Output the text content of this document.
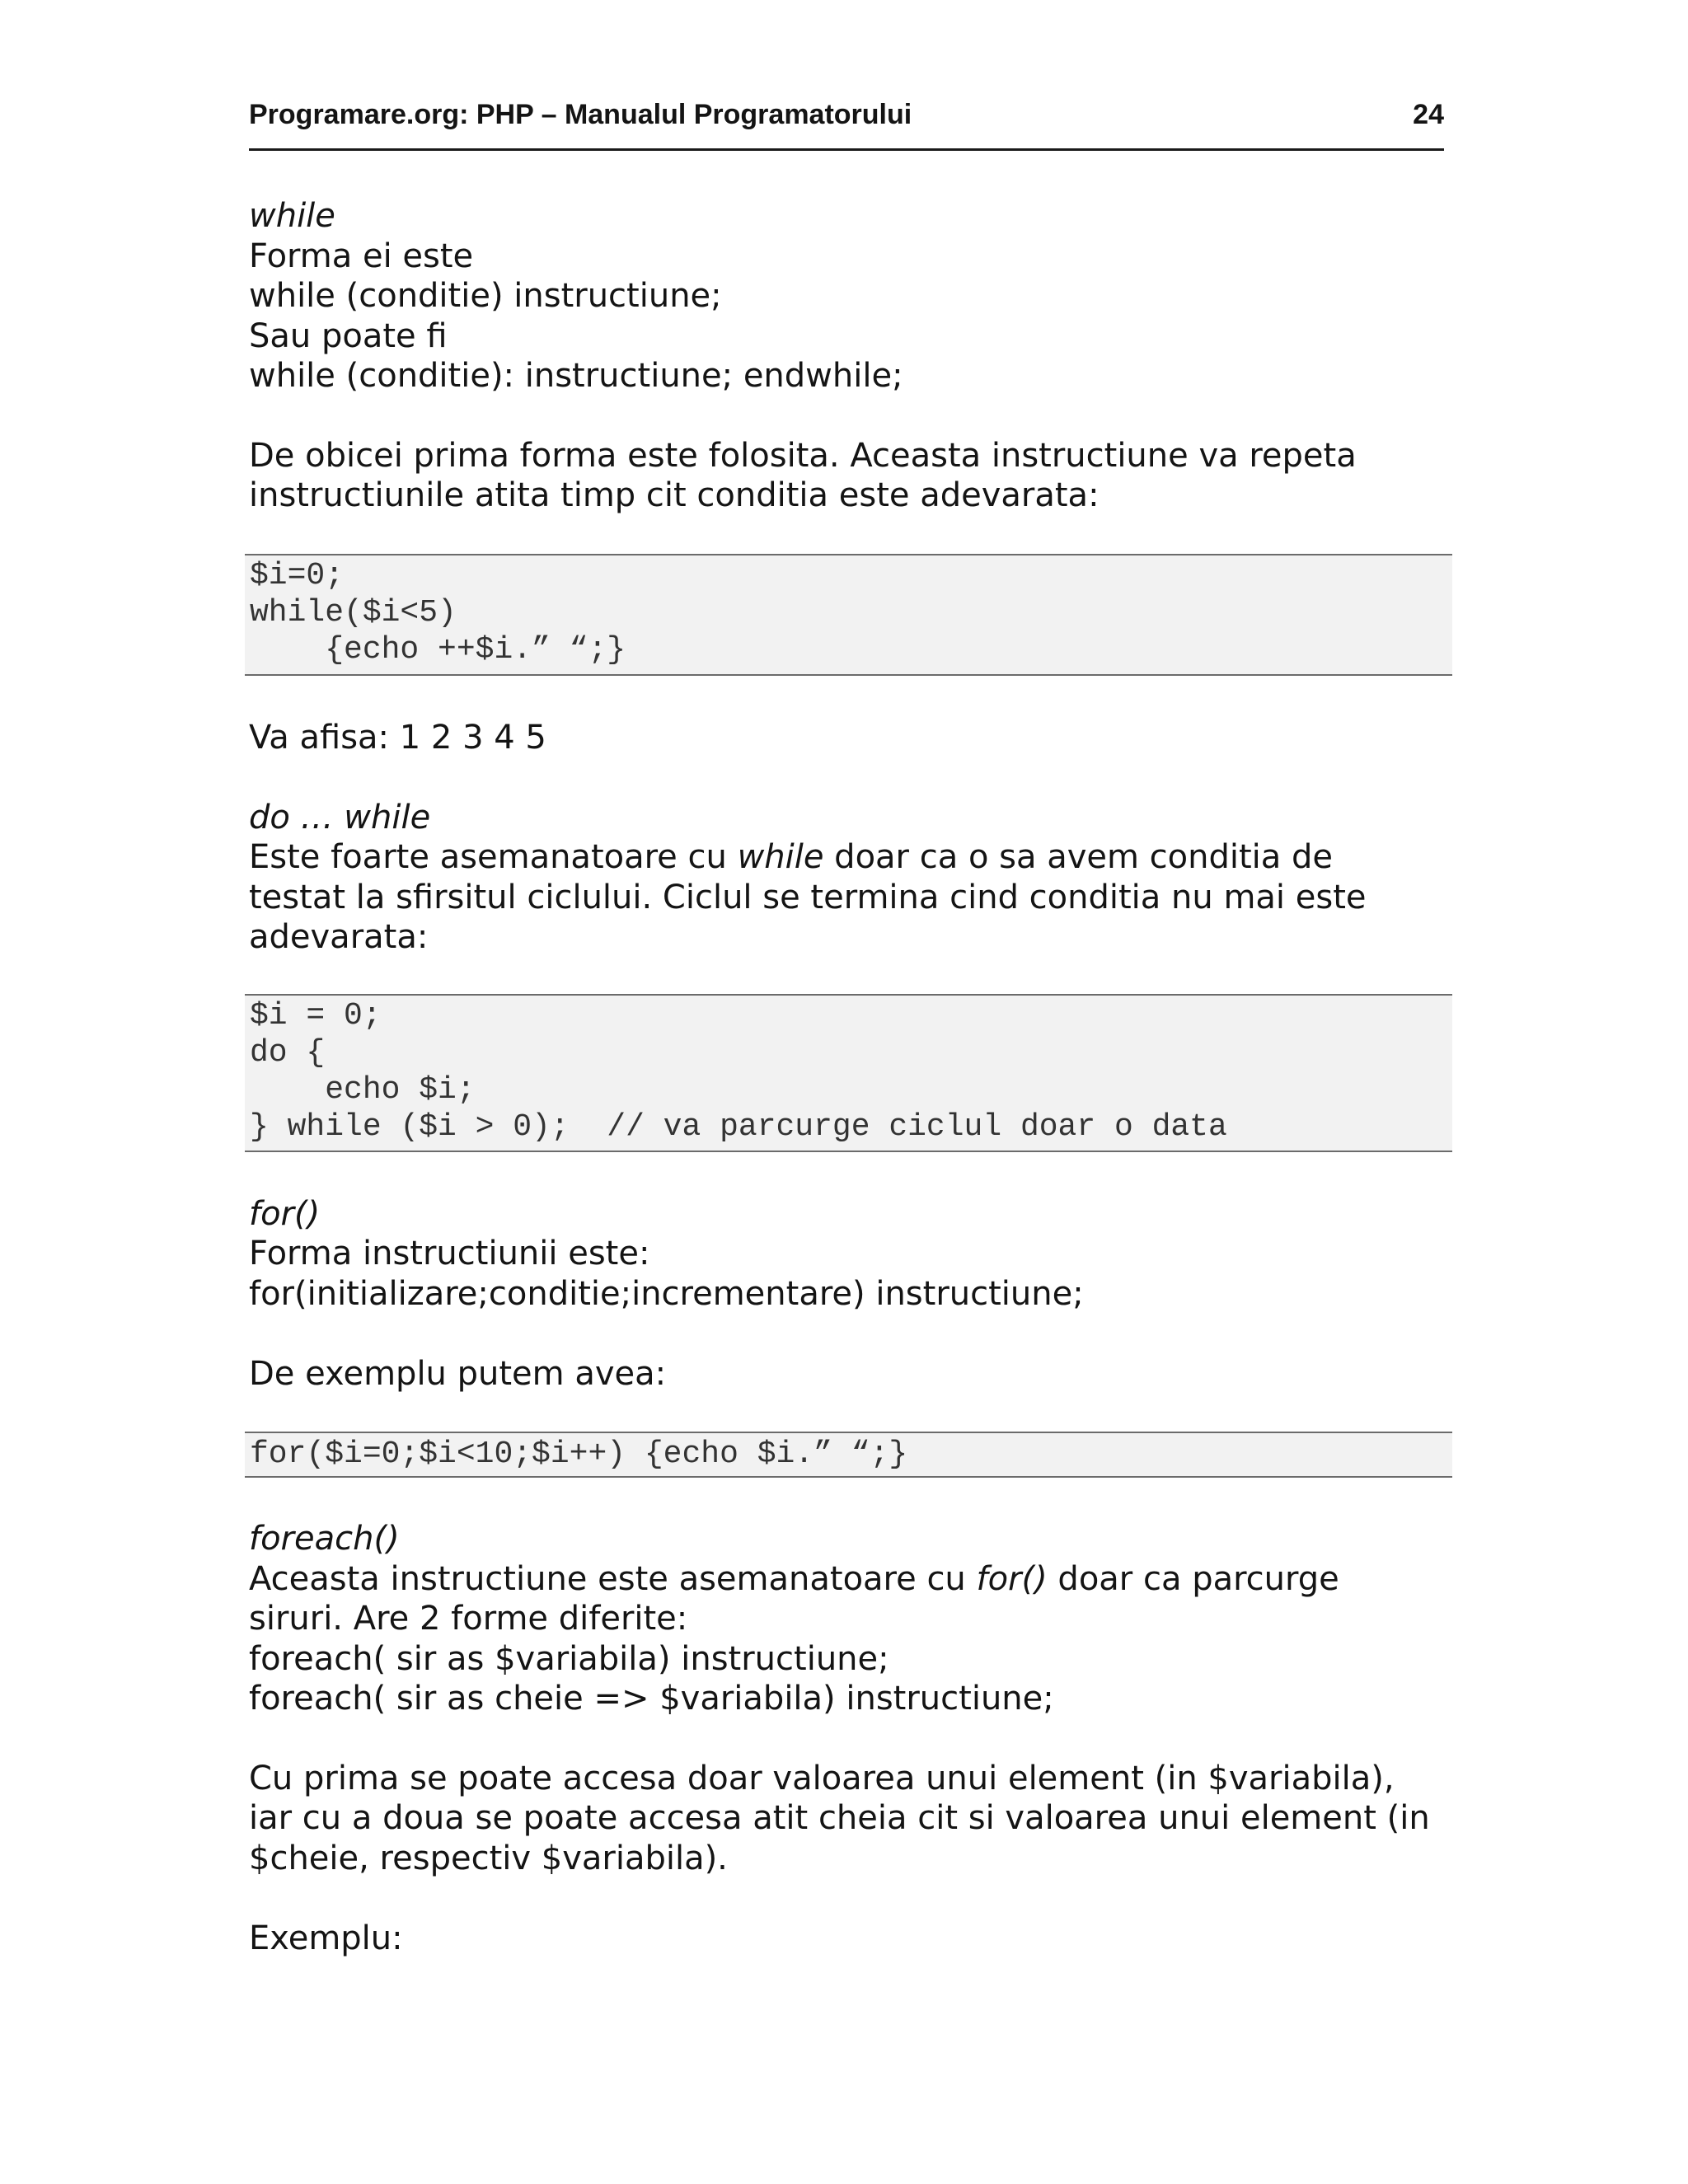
Programare.org: PHP – Manualul Programatorului	24

while

Forma ei este

while (conditie) instructiune;

Sau poate fi

while (conditie): instructiune; endwhile;

De obicei prima forma este folosita. Aceasta instructiune va repeta

instructiunile atita timp cit conditia este adevarata:

$i=0;
while($i<5)
{echo ++$i.” “;}

Va afisa: 1 2 3 4 5

do … while

Este foarte asemanatoare cu while doar ca o sa avem conditia de

testat la sfirsitul ciclului. Ciclul se termina cind conditia nu mai este

adevarata:

$i = 0;
do {
echo $i;
} while ($i > 0);  // va parcurge ciclul doar o data

for()

Forma instructiunii este:

for(initializare;conditie;incrementare) instructiune;

De exemplu putem avea:

for($i=0;$i<10;$i++) {echo $i.” “;}

foreach()

Aceasta instructiune este asemanatoare cu for() doar ca parcurge

siruri. Are 2 forme diferite:

foreach( sir as $variabila) instructiune;

foreach( sir as cheie => $variabila) instructiune;

Cu prima se poate accesa doar valoarea unui element (in $variabila),

iar cu a doua se poate accesa atit cheia cit si valoarea unui element (in

$cheie, respectiv $variabila).

Exemplu:
